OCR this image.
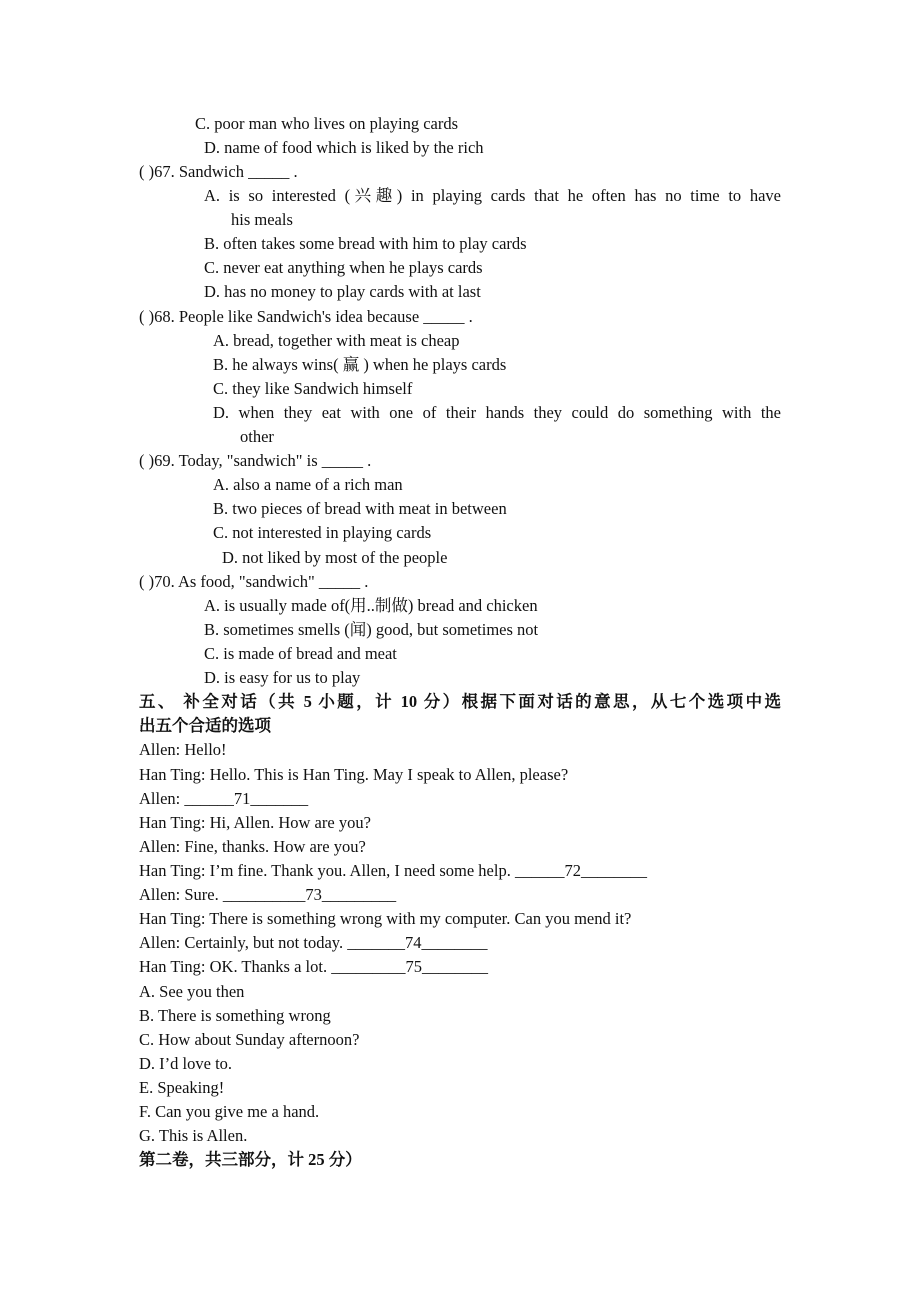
C. poor man who lives on playing cards
D. name of food which is liked by the rich
( )67. Sandwich _____ .
A. is so interested (兴趣) in playing cards that he often has no time to have
his meals
B. often takes some bread with him to play cards
C. never eat anything when he plays cards
D. has no money to play cards with at last
( )68. People like Sandwich's idea because _____ .
A. bread, together with meat is cheap
B. he always wins( 赢 ) when he plays cards
C. they like Sandwich himself
D. when they eat with one of their hands they could do something with the
other
( )69. Today, "sandwich" is _____ .
A. also a name of a rich man
B. two pieces of bread with meat in between
C. not interested in playing cards
D. not liked by most of the people
( )70. As food, "sandwich" _____ .
A. is usually made of(用..制做) bread and chicken
B. sometimes smells (闻) good, but sometimes not
C. is made of bread and meat
D. is easy for us to play
五、 补全对话（共 5 小题，计 10 分）根据下面对话的意思，从七个选项中选
出五个合适的选项
Allen: Hello!
Han Ting: Hello. This is Han Ting. May I speak to Allen, please?
Allen: ______71_______
Han Ting: Hi, Allen. How are you?
Allen: Fine, thanks. How are you?
Han Ting: I’m fine. Thank you. Allen, I need some help. ______72________
Allen: Sure. __________73_________
Han Ting: There is something wrong with my computer. Can you mend it?
Allen: Certainly, but not today. _______74________
Han Ting: OK. Thanks a lot. _________75________
A. See you then
B. There is something wrong
C. How about Sunday afternoon?
D. I’d love to.
E. Speaking!
F. Can you give me a hand.
G. This is Allen.
第二卷，共三部分，计 25 分）
